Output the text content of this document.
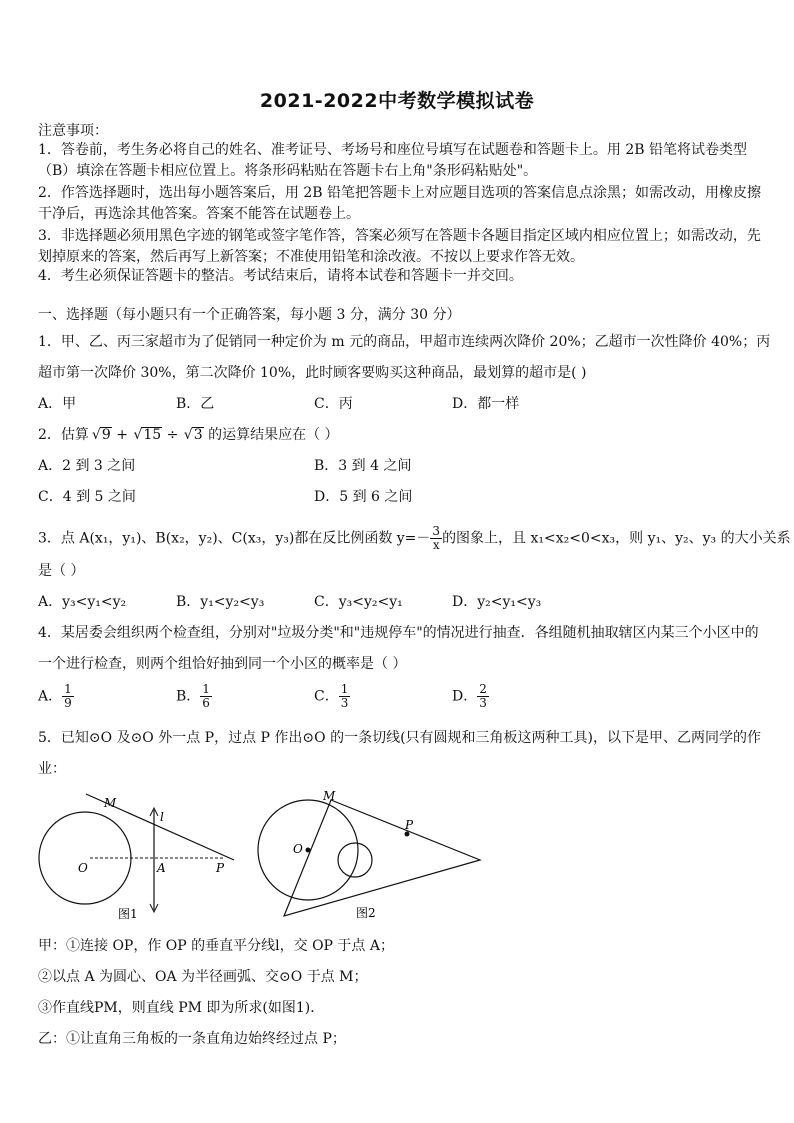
2021-2022中考数学模拟试卷
注意事项：
1．答卷前，考生务必将自己的姓名、准考证号、考场号和座位号填写在试题卷和答题卡上。用 2B 铅笔将试卷类型
（B）填涂在答题卡相应位置上。将条形码粘贴在答题卡右上角"条形码粘贴处"。
2．作答选择题时，选出每小题答案后，用 2B 铅笔把答题卡上对应题目选项的答案信息点涂黑；如需改动，用橡皮擦
干净后，再选涂其他答案。答案不能答在试题卷上。
3．非选择题必须用黑色字迹的钢笔或签字笔作答，答案必须写在答题卡各题目指定区域内相应位置上；如需改动，先
划掉原来的答案，然后再写上新答案；不准使用铅笔和涂改液。不按以上要求作答无效。
4．考生必须保证答题卡的整洁。考试结束后，请将本试卷和答题卡一并交回。
一、选择题（每小题只有一个正确答案，每小题 3 分，满分 30 分）
1．甲、乙、丙三家超市为了促销同一种定价为 m 元的商品，甲超市连续两次降价 20%；乙超市一次性降价 40%；丙
超市第一次降价 30%，第二次降价 10%，此时顾客要购买这种商品，最划算的超市是( )
A．甲	B．乙	C．丙	D．都一样
2．估算√ 9 + √ 15 ÷ √ 3 的运算结果应在（ ）
A．2 到 3 之间	B．3 到 4 之间
C．4 到 5 之间	D．5 到 6 之间
3．点 A(x₁，y₁)、B(x₂，y₂)、C(x₃，y₃)都在反比例函数 $y=- \frac{3}{x}$ 的图象上，且 x₁<x₂<0<x₃，则 y₁、y₂、y₃ 的大小关系
是（ ）
A．y₃<y₁<y₂	B．y₁<y₂<y₃	C．y₃<y₂<y₁	D．y₂<y₁<y₃
4．某居委会组织两个检查组，分别对"垃圾分类"和"违规停车"的情况进行抽查．各组随机抽取辖区内某三个小区中的
一个进行检查，则两个组恰好抽到同一个小区的概率是（ ）
A． $\frac{1}{9}$	B． $\frac{1}{6}$	C． $\frac{1}{3}$	D． $\frac{2}{3}$
5．已知⊙O 及⊙O 外一点 P，过点 P 作出⊙O 的一条切线(只有圆规和三角板这两种工具)，以下是甲、乙两同学的作
业：
M
l
O	A	P
图1
M
O
P
图2
甲：①连接 OP，作 OP 的垂直平分线l，交 OP 于点 A；
②以点 A 为圆心、OA 为半径画弧、交⊙O 于点 M；
③作直线PM，则直线 PM 即为所求(如图1)．
乙：①让直角三角板的一条直角边始终经过点 P；
